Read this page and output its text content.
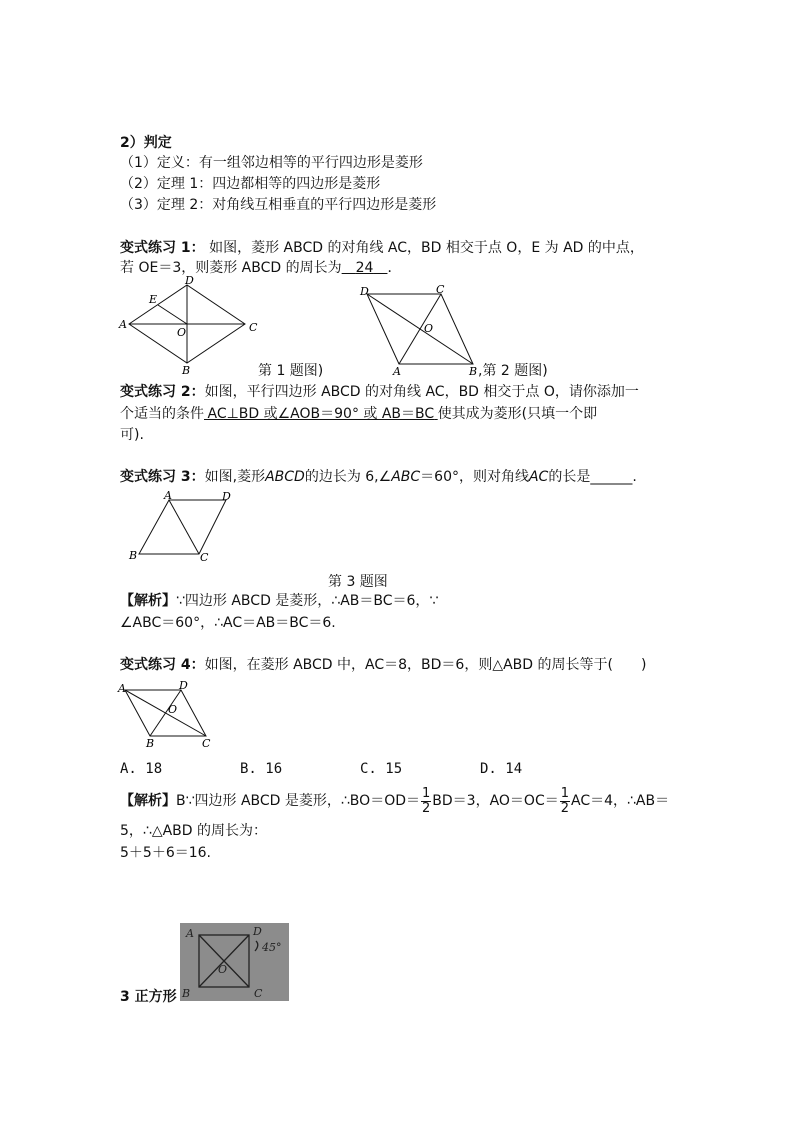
2）判定
（1）定义：有一组邻边相等的平行四边形是菱形
（2）定理 1：四边都相等的四边形是菱形
（3）定理 2：对角线互相垂直的平行四边形是菱形
变式练习 1： 如图，菱形 ABCD 的对角线 AC，BD 相交于点 O，E 为 AD 的中点，
若 OE＝3，则菱形 ABCD 的周长为   24   ．
A
D
C
B
E
O
第 1 题图)
D	C
A	B
O
,第 2 题图)
变式练习 2：如图，平行四边形 ABCD 的对角线 AC，BD 相交于点 O，请你添加一
个适当的条件  AC⊥BD 或∠AOB＝90° 或 AB＝BC  使其成为菱形(只填一个即
可).
变式练习 3：如图,菱形ABCD的边长为 6,∠ABC＝60°，则对角线AC的长是______.
A	D
B	C
第 3 题图
【解析】∵四边形 ABCD 是菱形，∴AB＝BC＝6，∵
∠ABC＝60°，∴AC＝AB＝BC＝6.
变式练习 4：如图，在菱形 ABCD 中，AC＝8，BD＝6，则△ABD 的周长等于(　　)
A	D
B	C
O
A. 18	B. 16	C. 15	D. 14
【解析】B∵四边形 ABCD 是菱形，∴BO＝OD＝ $\frac{1}{2} BD=3$，$AO=OC= \frac{1}{2} AC=4$，∴AB＝
5，∴△ABD 的周长为：
5＋5＋6＝16.
3 正方形
A	D
B	C
O
45°
